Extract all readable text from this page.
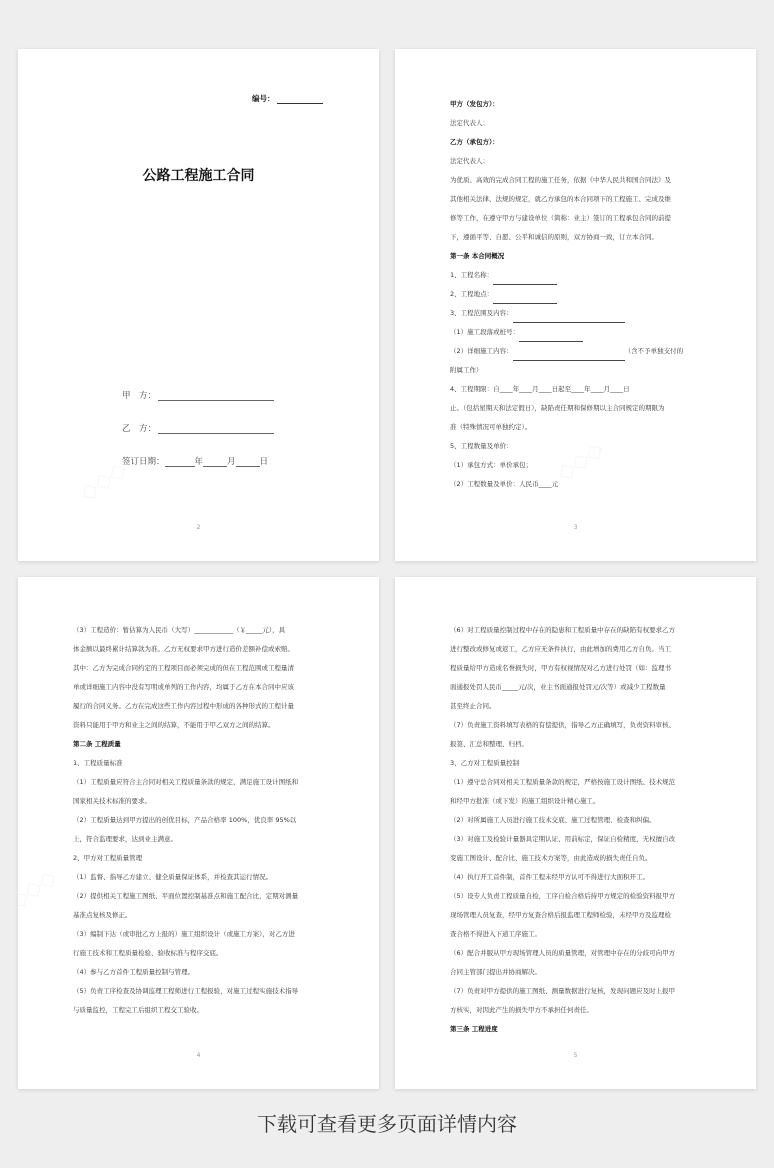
编号：
公路工程施工合同
甲　方：
乙　方：
签订日期：	年	月	日
2
甲方（发包方）：
法定代表人：
乙方（承包方）：
法定代表人：
为优质、高效的完成合同工程的施工任务，依据《中华人民共和国合同法》及
其他相关法律、法规的规定，就乙方承包的本合同项下的工程施工、完成及维
修等工作，在遵守甲方与建设单位（简称：业主）签订的工程承包合同的前提
下，遵循平等、自愿、公平和诚信的原则，双方协商一致，订立本合同。
第一条 本合同概况
1、工程名称：
2、工程地点：
3、工程范围及内容：
（1）施工段落或桩号：
（2）详细施工内容：	（含不予单独支付的
附属工作）
4、工程期限：自____年____月____日起至____年____月____日
止。（包括星期天和法定假日），缺陷责任期和保修期以主合同规定的期限为
准（特殊情况可单独约定）。
5、工程数量及单价：
（1）承包方式：单价承包；
（2）工程数量及单价：人民币____元
3
（3）工程造价：暂估算为人民币（大写）____________（￥_____元），具
体金额以最终累计结算款为准。乙方无权要求甲方进行造价差额补偿或索赔。
其中：乙方为完成合同约定的工程项目而必须完成的但在工程范围或工程量清
单或详细施工内容中没有写明或单列的工作内容，均属于乙方在本合同中应该
履行的合同义务。乙方在完成这些工作内容过程中形成的各种形式的工程计量
资料只能用于甲方和业主之间的结算，不能用于甲乙双方之间的结算。
第二条 工程质量
1、工程质量标准
（1）工程质量应符合主合同对相关工程质量条款的规定，满足施工设计图纸和
国家相关技术标准的要求。
（2）工程质量达到甲方提出的创优目标，产品合格率 100%，优良率 95%以
上，符合监理要求，达到业主满意。
2、甲方对工程质量管理
（1）监督、指导乙方建立、健全质量保证体系，并检查其运行情况。
（2）提供相关工程施工图纸、平面位置控制基准点和施工配合比，定期对测量
基准点复核及修正。
（3）编制下达（或审批乙方上报的）施工组织设计（或施工方案），对乙方进
行施工技术和工程质量检验、验收标准与程序交底。
（4）参与乙方首件工程质量控制与管理。
（5）负责工序检查及协调监理工程师进行工程报验，对施工过程实施技术指导
与质量监控，工程完工后组织工程交工验收。
4
（6）对工程质量控制过程中存在的隐患和工程质量中存在的缺陷有权要求乙方
进行整改或修复或返工，乙方应无条件执行，由此增加的费用乙方自负。当工
程质量给甲方造成名誉损失时，甲方有权视情况对乙方进行处罚（如：监理书
面通报处罚人民币_____元/次，业主书面通报处罚元/次等）或减少工程数量
甚至终止合同。
（7）负责施工资料填写表格的有偿提供，指导乙方正确填写，负责资料审核、
报签、汇总和整理、归档。
3、乙方对工程质量控制
（1）遵守总合同对相关工程质量条款的规定，严格按施工设计图纸、技术规范
和经甲方批准（或下发）的施工组织设计精心施工。
（2）对所属施工人员进行施工技术交底、施工过程管理、检查和纠偏。
（3）对施工及检验计量器具定期认证、用前标定，保证自检精度，无权擅自改
变施工图设计、配合比、施工技术方案等，由此造成的损失责任自负。
（4）执行开工首件制，首件工程未经甲方认可不得进行大面积开工。
（5）设专人负责工程质量自检，工序自检合格后持甲方规定的检验资料报甲方
现场管理人员复查，经甲方复查合格后报监理工程师检验，未经甲方及监理检
查合格不得进入下道工序施工。
（6）配合并服从甲方现场管理人员的质量管理，对管理中存在的分歧可向甲方
合同主管部门提出并协商解决。
（7）负责对甲方提供的施工图纸、测量数据进行复核，发现问题应及时上报甲
方核实，对因此产生的损失甲方不承担任何责任。
第三条 工程进度
5
下载可查看更多页面详情内容
